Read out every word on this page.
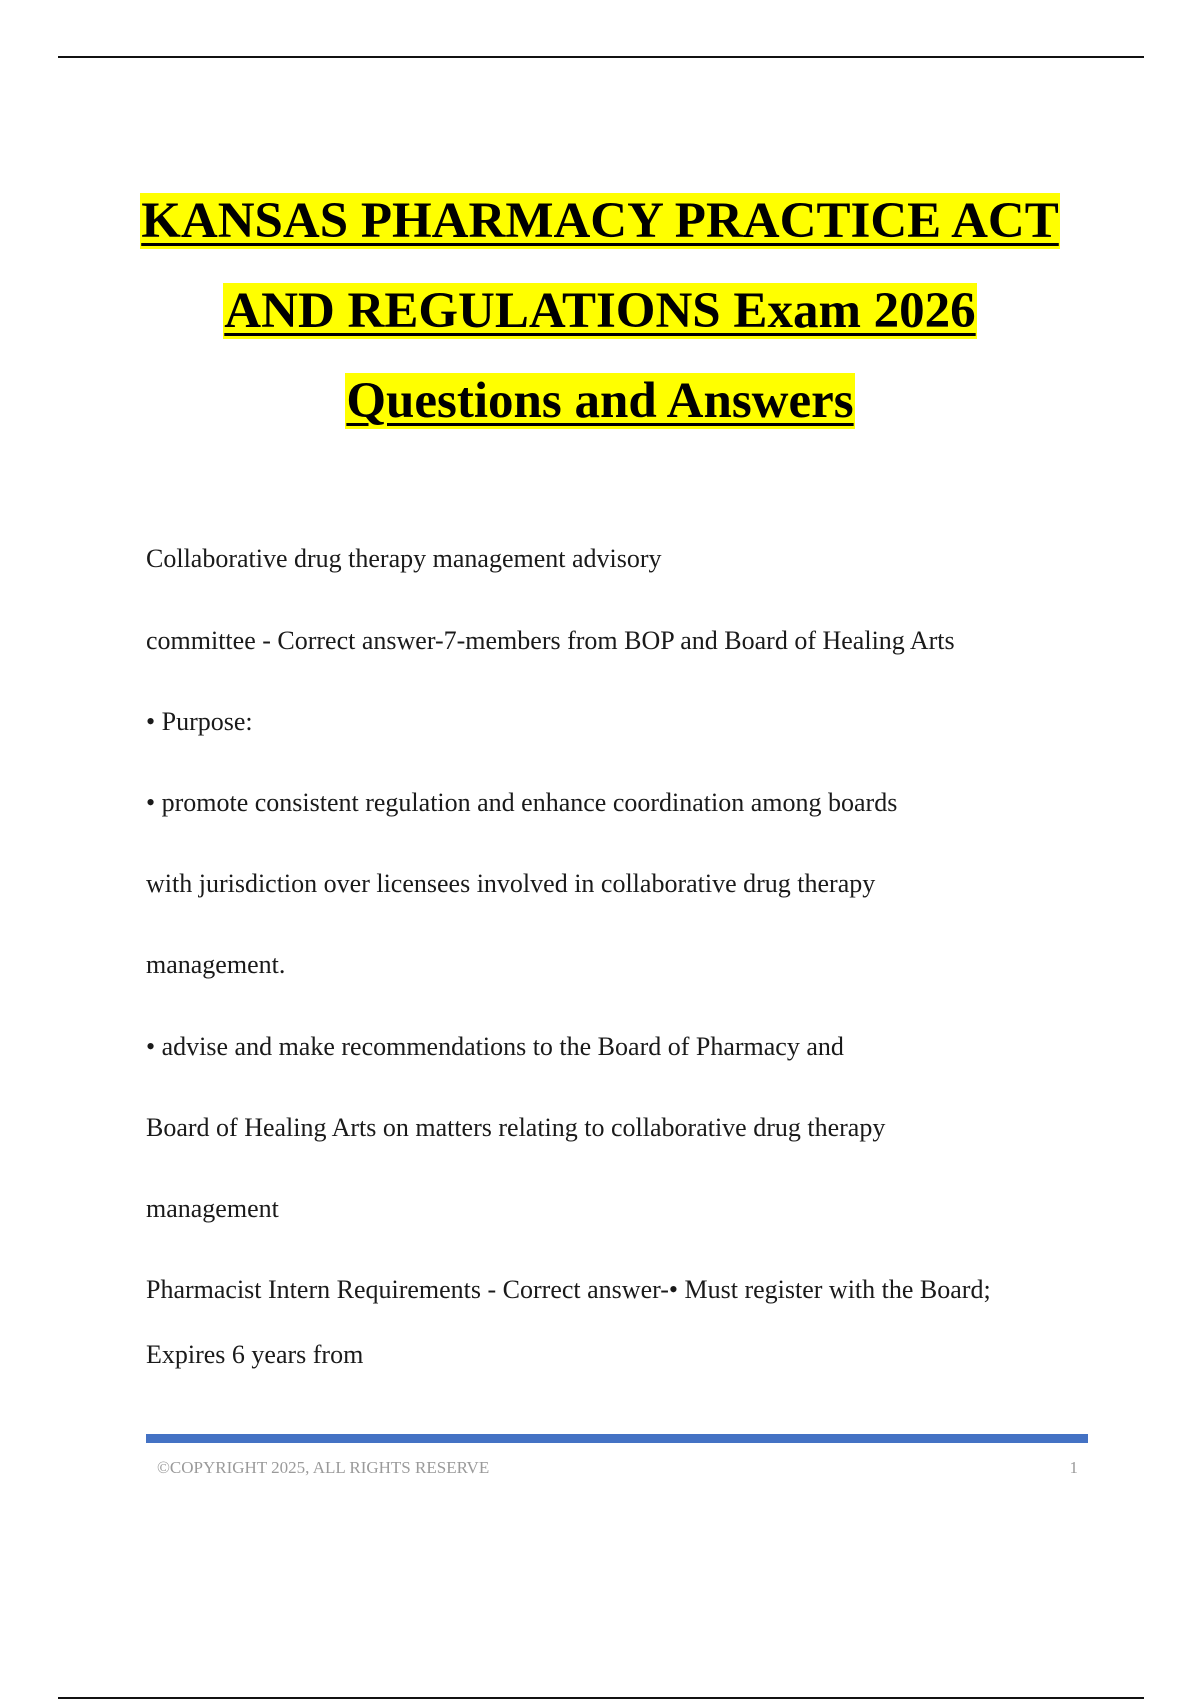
KANSAS PHARMACY PRACTICE ACT
AND REGULATIONS Exam 2026
Questions and Answers
Collaborative drug therapy management advisory
committee - Correct answer-7-members from BOP and Board of Healing Arts
• Purpose:
• promote consistent regulation and enhance coordination among boards
with jurisdiction over licensees involved in collaborative drug therapy
management.
• advise and make recommendations to the Board of Pharmacy and
Board of Healing Arts on matters relating to collaborative drug therapy
management
Pharmacist Intern Requirements - Correct answer-• Must register with the Board;
Expires 6 years from
©COPYRIGHT 2025, ALL RIGHTS RESERVE	1
